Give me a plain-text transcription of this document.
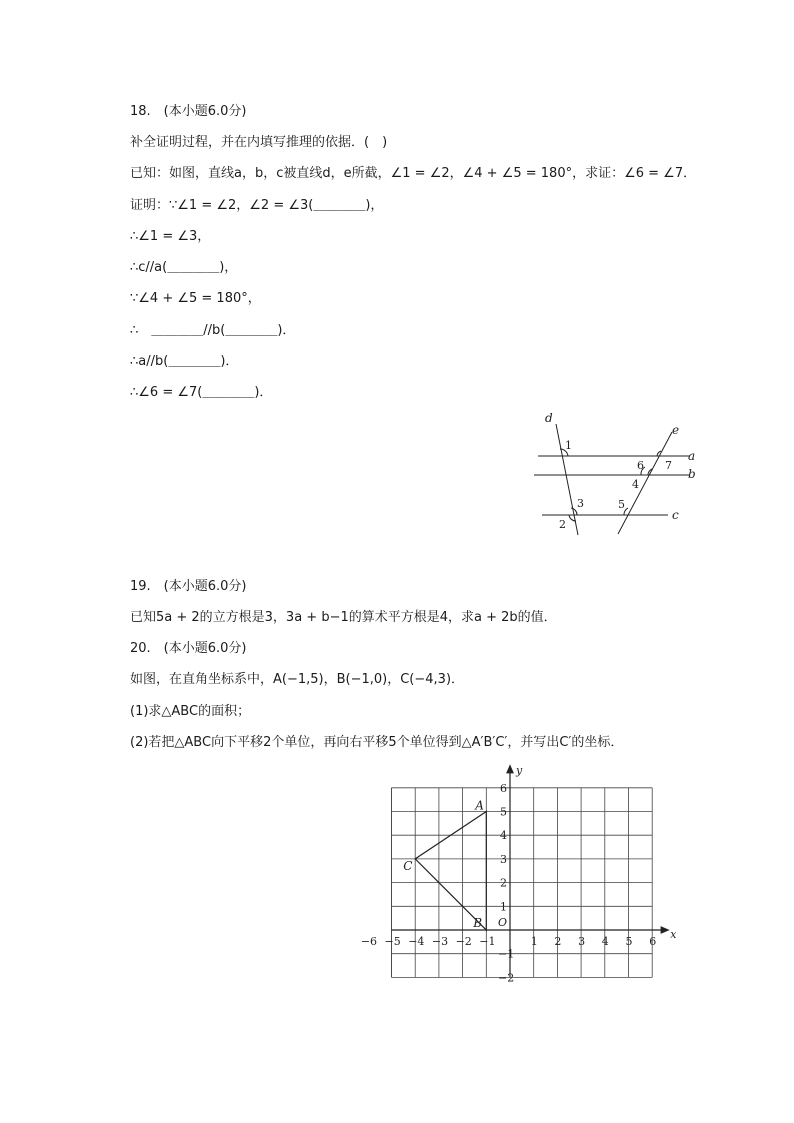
18.　(本小题6.0分)
补全证明过程，并在内填写推理的依据．(　)
已知：如图，直线a，b，c被直线d，e所截，∠1 = ∠2，∠4 + ∠5 = 180°，求证：∠6 = ∠7．
证明：∵∠1 = ∠2，∠2 = ∠3(＿＿＿＿)，
∴∠1 = ∠3，
∴c//a(＿＿＿＿)，
∵∠4 + ∠5 = 180°，
∴　＿＿＿＿//b(＿＿＿＿)．
∴a//b(＿＿＿＿)．
∴∠6 = ∠7(＿＿＿＿)．
d
e
a
b
c
1
2
3
4
5
6 7
19.　(本小题6.0分)
已知5a + 2的立方根是3，3a + b−1的算术平方根是4，求a + 2b的值．
20.　(本小题6.0分)
如图，在直角坐标系中，A(−1,5)，B(−1,0)，C(−4,3)．
(1)求△ABC的面积；
(2)若把△ABC向下平移2个单位，再向右平移5个单位得到△A′B′C′，并写出C′的坐标．
x
y
O
−6 −5 −4 −3 −2 −1	1 2 3 4 5 6
6
5
4
3
2
1
−1
−2
A
B
C
